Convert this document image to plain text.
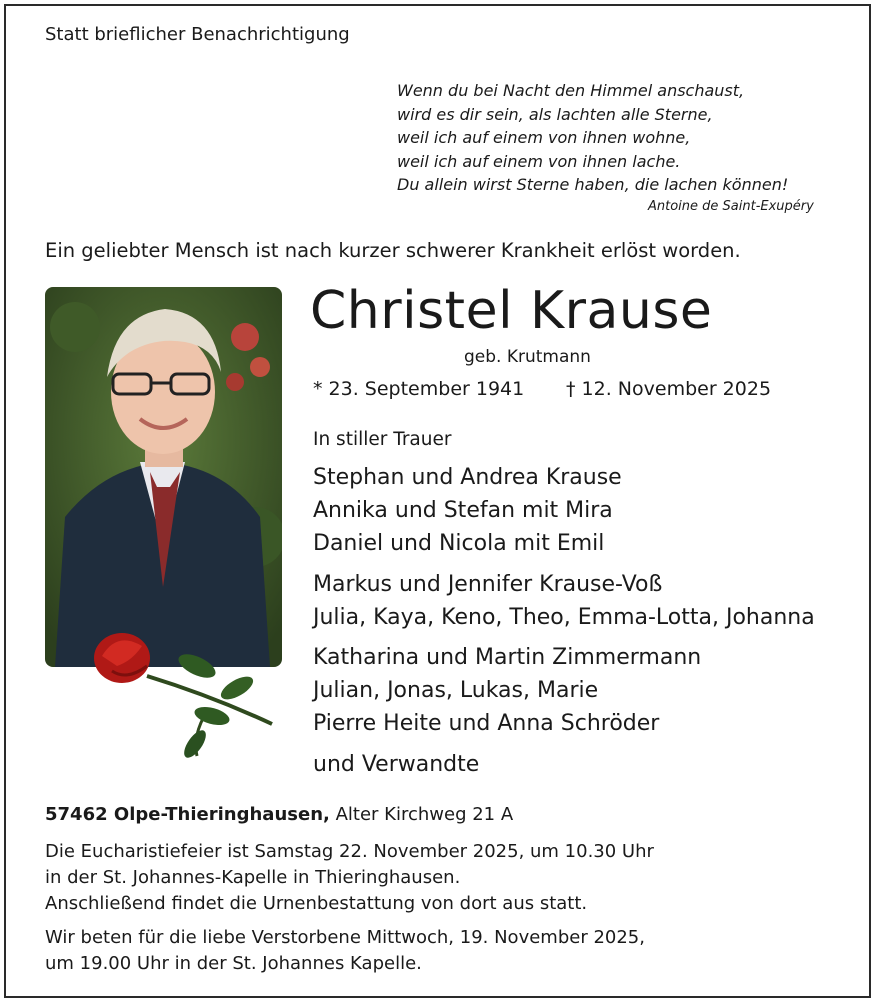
Statt brieflicher Benachrichtigung
Wenn du bei Nacht den Himmel anschaust,
wird es dir sein, als lachten alle Sterne,
weil ich auf einem von ihnen wohne,
weil ich auf einem von ihnen lache.
Du allein wirst Sterne haben, die lachen können!
Antoine de Saint-Exupéry
Ein geliebter Mensch ist nach kurzer schwerer Krankheit erlöst worden.
Christel Krause
geb. Krutmann
* 23. September 1941 † 12. November 2025
In stiller Trauer
Stephan und Andrea Krause
Annika und Stefan mit Mira
Daniel und Nicola mit Emil
Markus und Jennifer Krause-Voß
Julia, Kaya, Keno, Theo, Emma-Lotta, Johanna
Katharina und Martin Zimmermann
Julian, Jonas, Lukas, Marie
Pierre Heite und Anna Schröder
und Verwandte
57462 Olpe-Thieringhausen, Alter Kirchweg 21 A
Die Eucharistiefeier ist Samstag 22. November 2025, um 10.30 Uhr
in der St. Johannes-Kapelle in Thieringhausen.
Anschließend findet die Urnenbestattung von dort aus statt.
Wir beten für die liebe Verstorbene Mittwoch, 19. November 2025,
um 19.00 Uhr in der St. Johannes Kapelle.
